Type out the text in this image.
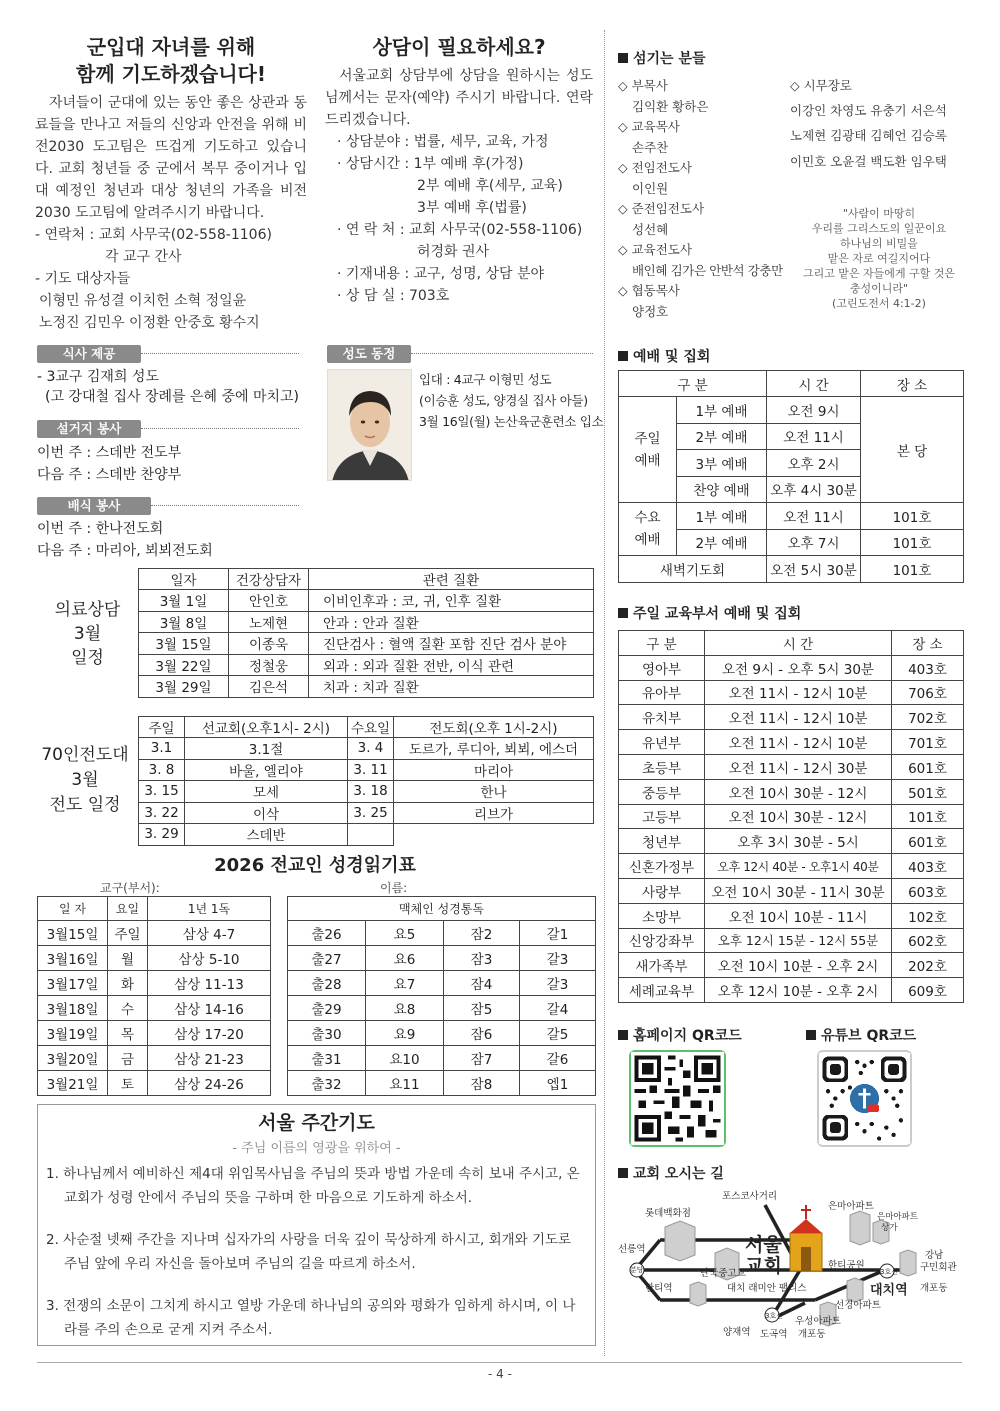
군입대 자녀를 위해
함께 기도하겠습니다!

자녀들이 군대에 있는 동안 좋은 상관과 동료들을 만나고 저들의 신앙과 안전을 위해 비전2030 도고팀은 뜨겁게 기도하고 있습니다. 교회 청년들 중 군에서 복무 중이거나 입대 예정인 청년과 대상 청년의 가족을 비전2030 도고팀에 알려주시기 바랍니다.

- 연락처 : 교회 사무국(02-558-1106)
각 교구 간사
- 기도 대상자들
이형민 유성결 이치헌 소혁 정일윤
노정진 김민우 이정환 안중호 황수지
상담이 필요하세요?

서울교회 상담부에 상담을 원하시는 성도님께서는 문자(예약) 주시기 바랍니다. 연락드리겠습니다.

· 상담분야 : 법률, 세무, 교육, 가정
· 상담시간 : 1부 예배 후(가정)
2부 예배 후(세무, 교육)
3부 예배 후(법률)
· 연 락 처 : 교회 사무국(02-558-1106)
허경화 권사
· 기재내용 : 교구, 성명, 상담 분야
· 상 담 실 : 703호
식사 제공
- 3교구 김재희 성도
(고 강대철 집사 장례를 은혜 중에 마치고)
설거지 봉사
이번 주 : 스데반 전도부
다음 주 : 스데반 찬양부
배식 봉사
이번 주 : 한나전도회
다음 주 : 마리아, 뵈뵈전도회
성도 동정
입대 : 4교구 이형민 성도
(이승훈 성도, 양경실 집사 아들)
3월 16일(월) 논산육군훈련소 입소
의료상담
3월
일정
일자	건강상담자	관련 질환
3월 1일	안인호	이비인후과 : 코, 귀, 인후 질환
3월 8일	노제현	안과 : 안과 질환
3월 15일	이종욱	진단검사 : 혈액 질환 포함 진단 검사 분야
3월 22일	정철웅	외과 : 외과 질환 전반, 이식 관련
3월 29일	김은석	치과 : 치과 질환
70인전도대
3월
전도 일정
주일	선교회(오후1시- 2시)	수요일	전도회(오후 1시-2시)
3.1	3.1절	3. 4	도르가, 루디아, 뵈뵈, 에스더
3. 8	바울, 엘리야	3. 11	마리아
3. 15	모세	3. 18	한나
3. 22	이삭	3. 25	리브가
3. 29	스데반		
2026 전교인 성경읽기표
교구(부서):	이름:
일 자	요일	1년 1독
3월15일	주일	삼상 4-7
3월16일	월	삼상 5-10
3월17일	화	삼상 11-13
3월18일	수	삼상 14-16
3월19일	목	삼상 17-20
3월20일	금	삼상 21-23
3월21일	토	삼상 24-26
맥체인 성경통독			
출26	요5	잠2	갈1
출27	요6	잠3	갈3
출28	요7	잠4	갈3
출29	요8	잠5	갈4
출30	요9	잠6	갈5
출31	요10	잠7	갈6
출32	요11	잠8	엡1
서울 주간기도
- 주님 이름의 영광을 위하여 -
1. 하나님께서 예비하신 제4대 위임목사님을 주님의 뜻과 방법 가운데 속히 보내 주시고, 온 교회가 성령 안에서 주님의 뜻을 구하며 한 마음으로 기도하게 하소서.
2. 사순절 넷째 주간을 지나며 십자가의 사랑을 더욱 깊이 묵상하게 하시고, 회개와 기도로 주님 앞에 우리 자신을 돌아보며 주님의 길을 따르게 하소서.
3. 전쟁의 소문이 그치게 하시고 열방 가운데 하나님의 공의와 평화가 임하게 하시며, 이 나라를 주의 손으로 굳게 지켜 주소서.
섬기는 분들
◇ 부목사
김익환 황하은
◇ 교육목사
손주찬
◇ 전임전도사
이인원
◇ 준전임전도사
성선혜
◇ 교육전도사
배인혜 김가은 안반석 강충만
◇ 협동목사
양정호
◇ 시무장로
이강인 차영도 유충기 서은석
노제현 김광태 김혜언 김승록
이민호 오윤걸 백도환 임우택
"사람이 마땅히
우리를 그리스도의 일꾼이요
하나님의 비밀을
맡은 자로 여길지어다
그리고 맡은 자들에게 구할 것은
충성이니라"
(고린도전서 4:1-2)
예배 및 집회
구 분		시 간	장 소

주일
예배	1부 예배	오전 9시	본 당
	2부 예배	오전 11시	
	3부 예배	오후 2시	
	찬양 예배	오후 4시 30분	

수요
예배	1부 예배	오전 11시	101호
	2부 예배	오후 7시	101호
새벽기도회		오전 5시 30분	101호
주일 교육부서 예배 및 집회
구 분	시 간	장 소
영아부	오전 9시 - 오후 5시 30분	403호
유아부	오전 11시 - 12시 10분	706호
유치부	오전 11시 - 12시 10분	702호
유년부	오전 11시 - 12시 10분	701호
초등부	오전 11시 - 12시 30분	601호
중등부	오전 10시 30분 - 12시	501호
고등부	오전 10시 30분 - 12시	101호
청년부	오후 3시 30분 - 5시	601호
신혼가정부	오후 12시 40분 - 오후1시 40분	403호
사랑부	오전 10시 30분 - 11시 30분	603호
소망부	오전 10시 10분 - 11시	102호
신앙강좌부	오후 12시 15분 - 12시 55분	602호
새가족부	오전 10시 10분 - 오후 2시	202호
세례교육부	오후 12시 10분 - 오후 2시	609호
홈페이지 QR코드	유튜브 QR코드
교회 오시는 길
서울
교회
포스코사거리
롯데백화점
은마아파트
은마아파트
상가
선릉역
분당
한티역
단국중고교
대치 래미안 팰리스
한티공원
강남
구민회관
3호선
대치역 개포동
선경아파트
3호선 우성아파트
개포동
양재역 도곡역
- 4 -
